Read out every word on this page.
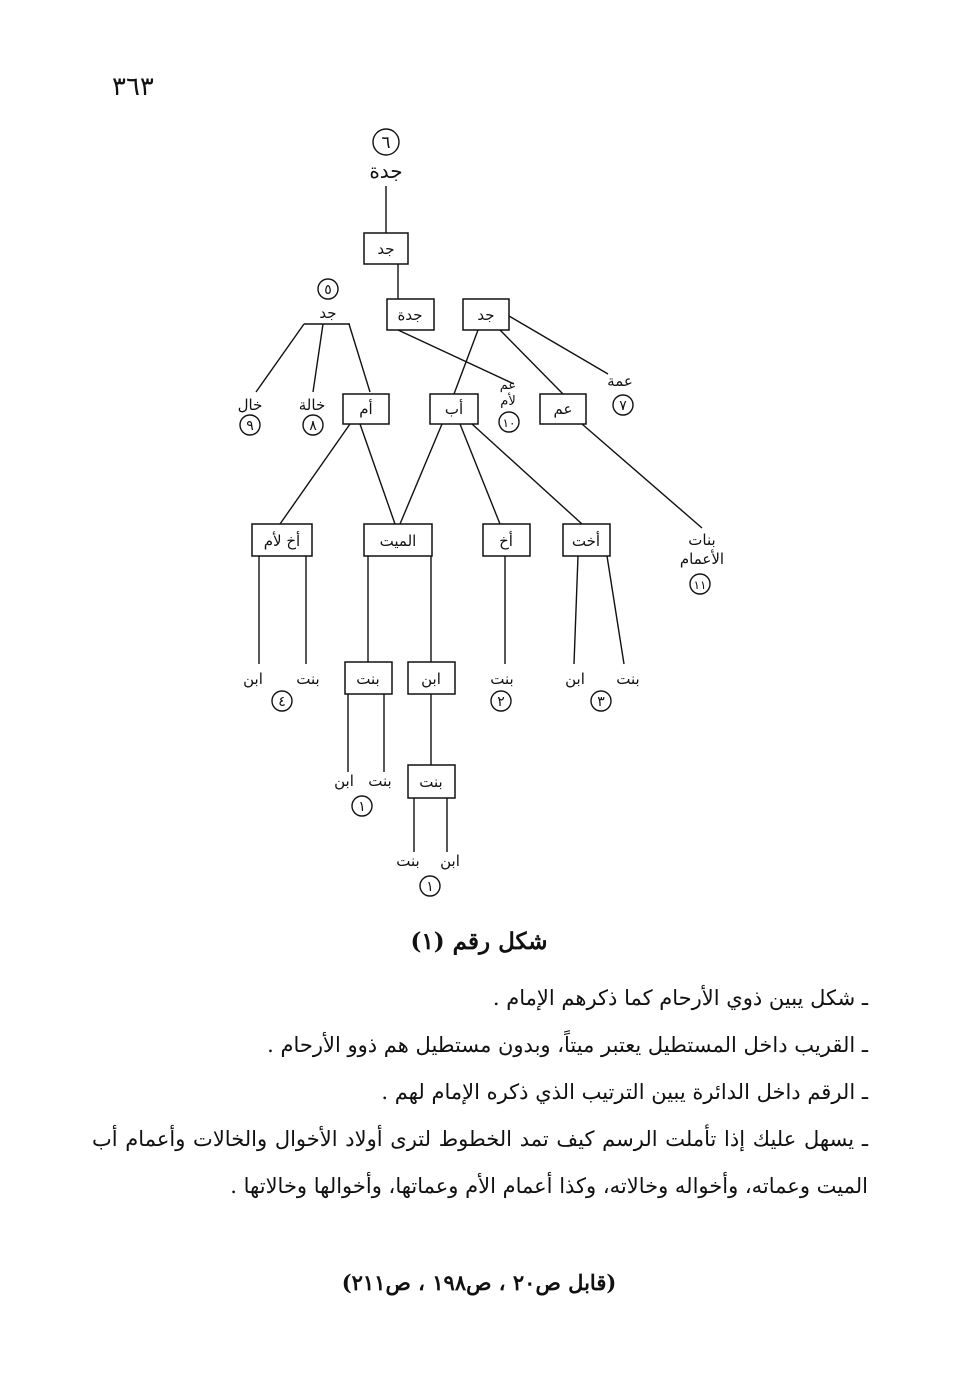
٣٦٣
٦
٥
٩	٨	١٠
٧
١١
٤	٢	٣
١
١
جد
جدة	جد
أم	أب	عم
أخ لأم	الميت	أخ	أخت
بنت	ابن
بنت
جدة
جد
خال خالة
عم
لأم
عمة
بنات
الأعمام
ابن بنت	بنت	ابن بنت
بنت
ابن
ابن
بنت
شكل رقم (١)
ـ شكل يبين ذوي الأرحام كما ذكرهم الإمام .
ـ القريب داخل المستطيل يعتبر ميتاً، وبدون مستطيل هم ذوو الأرحام .
ـ الرقم داخل الدائرة يبين الترتيب الذي ذكره الإمام لهم .
ـ يسهل عليك إذا تأملت الرسم كيف تمد الخطوط لترى أولاد الأخوال والخالات وأعمام أب الميت وعماته، وأخواله وخالاته، وكذا أعمام الأم وعماتها، وأخوالها وخالاتها .
(قابل ص٢٠ ، ص١٩٨ ، ص٢١١)
